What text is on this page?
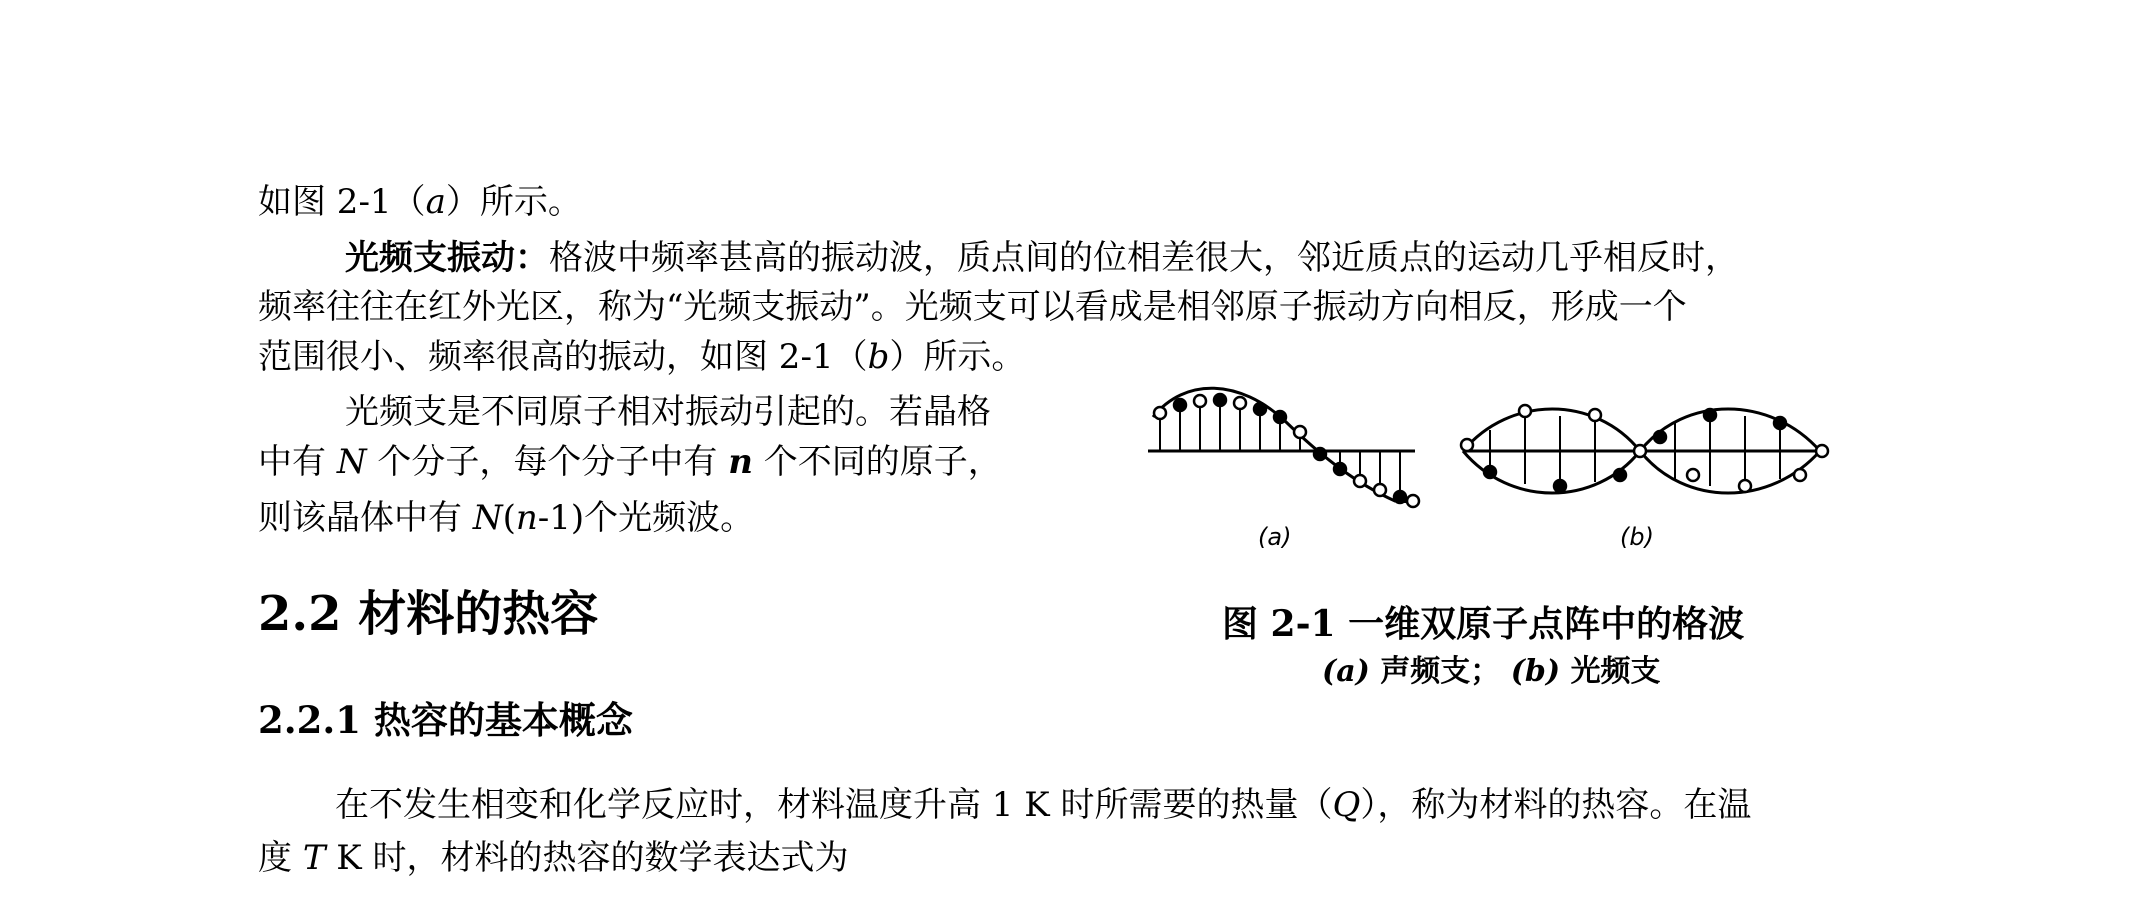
如图 2-1（a）所示。
光频支振动：格波中频率甚高的振动波，质点间的位相差很大，邻近质点的运动几乎相反时，
频率往往在红外光区，称为“光频支振动”。光频支可以看成是相邻原子振动方向相反，形成一个
范围很小、频率很高的振动，如图 2-1（b）所示。
光频支是不同原子相对振动引起的。若晶格
中有 N 个分子，每个分子中有 n 个不同的原子，
则该晶体中有 N(n-1)个光频波。
2.2 材料的热容
2.2.1 热容的基本概念
在不发生相变和化学反应时，材料温度升高 1 K 时所需要的热量（Q），称为材料的热容。在温
度 T K 时，材料的热容的数学表达式为
(a)	(b)
图 2-1 一维双原子点阵中的格波
(a) 声频支； (b) 光频支
